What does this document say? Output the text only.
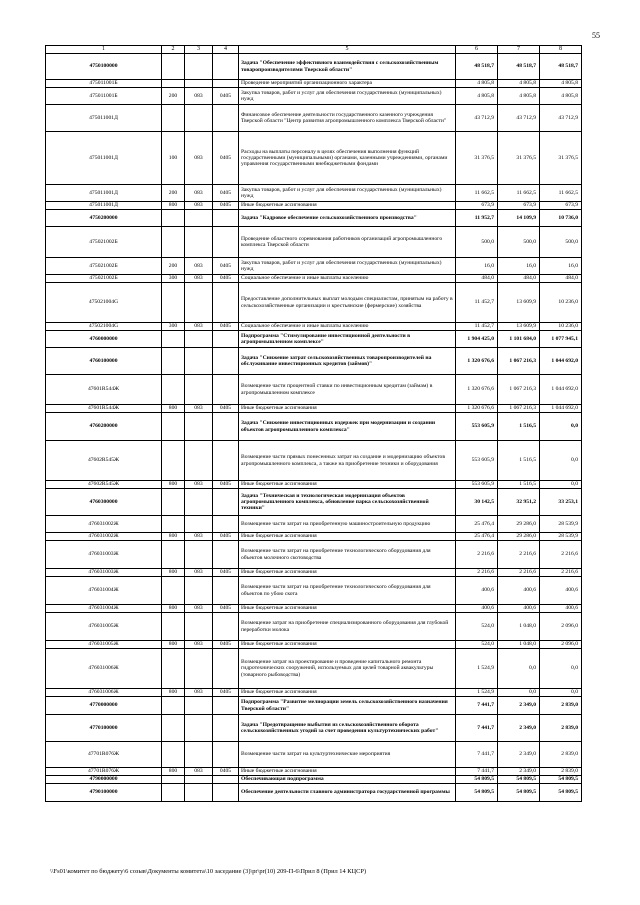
55
1	2	3	4	5	6	7	8
4750100000				Задача "Обеспечение эффективного взаимодействия с сельскохозяйственным товаропроизводителями Тверской области"	48 518,7	48 518,7	48 518,7
475011001Б				Проведение мероприятий организационного характера	4 805,8	4 805,8	4 805,8
475011001Б	200	083	0405	Закупка товаров, работ и услуг для обеспечения государственных (муниципальных) нужд	4 805,8	4 805,8	4 805,8
475011001Д				Финансовое обеспечение деятельности государственного казенного учреждения Тверской области "Центр развития агропромышленного комплекса Тверской области"	43 712,9	43 712,9	43 712,9
475011001Д	100	083	0405	Расходы на выплаты персоналу в целях обеспечения выполнения функций государственными (муниципальными) органами, казенными учреждениями, органами управления государственными внебюджетными фондами	31 376,5	31 376,5	31 376,5
475011001Д	200	083	0405	Закупка товаров, работ и услуг для обеспечения государственных (муниципальных) нужд	11 662,5	11 662,5	11 662,5
475011001Д	800	083	0405	Иные бюджетные ассигнования	673,9	673,9	673,9
4750200000				Задача "Кадровое обеспечение сельскохозяйственного производства"	11 952,7	14 109,9	10 736,0
475021002Б				Проведение областного соревнования работников организаций агропромышленного комплекса Тверской области	500,0	500,0	500,0
475021002Б	200	083	0405	Закупка товаров, работ и услуг для обеспечения государственных (муниципальных) нужд	16,0	16,0	16,0
475021002Б	300	083	0405	Социальное обеспечение и иные выплаты населению	484,0	484,0	484,0
475021004G				Предоставление дополнительных выплат молодым специалистам, принятым на работу в сельскохозяйственные организации и крестьянские (фермерские) хозяйства	11 452,7	13 609,9	10 236,0
475021004G	300	083	0405	Социальное обеспечение и иные выплаты населению	11 452,7	13 609,9	10 236,0
4760000000				Подпрограмма "Стимулирование инвестиционной деятельности в агропромышленном комплексе"	1 904 425,0	1 101 684,0	1 077 945,1
4760100000				Задача "Снижение затрат сельскохозяйственных товаропроизводителей на обслуживание инвестиционных кредитов (займов)"	1 320 676,6	1 067 216,3	1 044 692,0
47601R544Ж				Возмещение части процентной ставки по инвестиционным кредитам (займам) в агропромышленном комплексе	1 320 676,6	1 067 216,3	1 044 692,0
47601R544Ж	800	083	0405	Иные бюджетные ассигнования	1 320 676,6	1 067 216,3	1 044 692,0
4760200000				Задача "Снижение инвестиционных издержек при модернизации и создании объектов агропромышленного комплекса"	553 605,9	1 516,5	0,0
47602R545Ж				Возмещение части прямых понесенных затрат на создание и модернизацию объектов агропромышленного комплекса, а также на приобретение техники и оборудования	553 605,9	1 516,5	0,0
47602R545Ж	800	083	0405	Иные бюджетные ассигнования	553 605,9	1 516,5	0,0
4760300000				Задача "Техническая и технологическая модернизация объектов агропромышленного комплекса, обновление парка сельскохозяйственной техники"	30 142,5	32 951,2	33 253,1
476031002Ж				Возмещение части затрат на приобретенную машиностроительную продукцию	25 476,4	29 286,0	28 539,9
476031002Ж	800	083	0405	Иные бюджетные ассигнования	25 476,4	29 286,0	28 539,9
476031003Ж				Возмещение части затрат на приобретение технологического оборудования для объектов молочного скотоводства	2 216,6	2 216,6	2 216,6
476031003Ж	800	083	0405	Иные бюджетные ассигнования	2 216,6	2 216,6	2 216,6
476031004Ж				Возмещение части затрат на приобретение технологического оборудования для объектов по убою скота	400,6	400,6	400,6
476031004Ж	800	083	0405	Иные бюджетные ассигнования	400,6	400,6	400,6
476031005Ж				Возмещение затрат на приобретение специализированного оборудования для глубокой переработки молока	524,0	1 048,0	2 096,0
476031005Ж	800	083	0405	Иные бюджетные ассигнования	524,0	1 048,0	2 096,0
476031006Ж				Возмещение затрат на проектирование и проведение капитального ремонта гидротехнических сооружений, используемых для целей товарной аквакультуры (товарного рыбоводства)	1 524,9	0,0	0,0
476031006Ж	800	083	0405	Иные бюджетные ассигнования	1 524,9	0,0	0,0
4770000000				Подпрограмма "Развитие мелиорации земель сельскохозяйственного назначения Тверской области"	7 441,7	2 349,0	2 839,0
4770100000				Задача "Предотвращение выбытия из сельскохозяйственного оборота сельскохозяйственных угодий за счет проведения культуртехнических работ"	7 441,7	2 349,0	2 839,0
47701R076Ж				Возмещение части затрат на культуртехнические мероприятия	7 441,7	2 349,0	2 839,0
47701R076Ж	800	083	0405	Иные бюджетные ассигнования	7 441,7	2 349,0	2 839,0
4790000000				Обеспечивающая подпрограмма	54 809,5	54 809,5	54 809,5
4790100000				Обеспечение деятельности главного администратора государственной программы	54 809,5	54 809,5	54 809,5
\\Fs01\комитет по бюджету\6 созыв\Документы комитета\10 заседание (3)\pr\pr(10) 209-П-6\Прил 8 (Прил 14 КЦСР)
